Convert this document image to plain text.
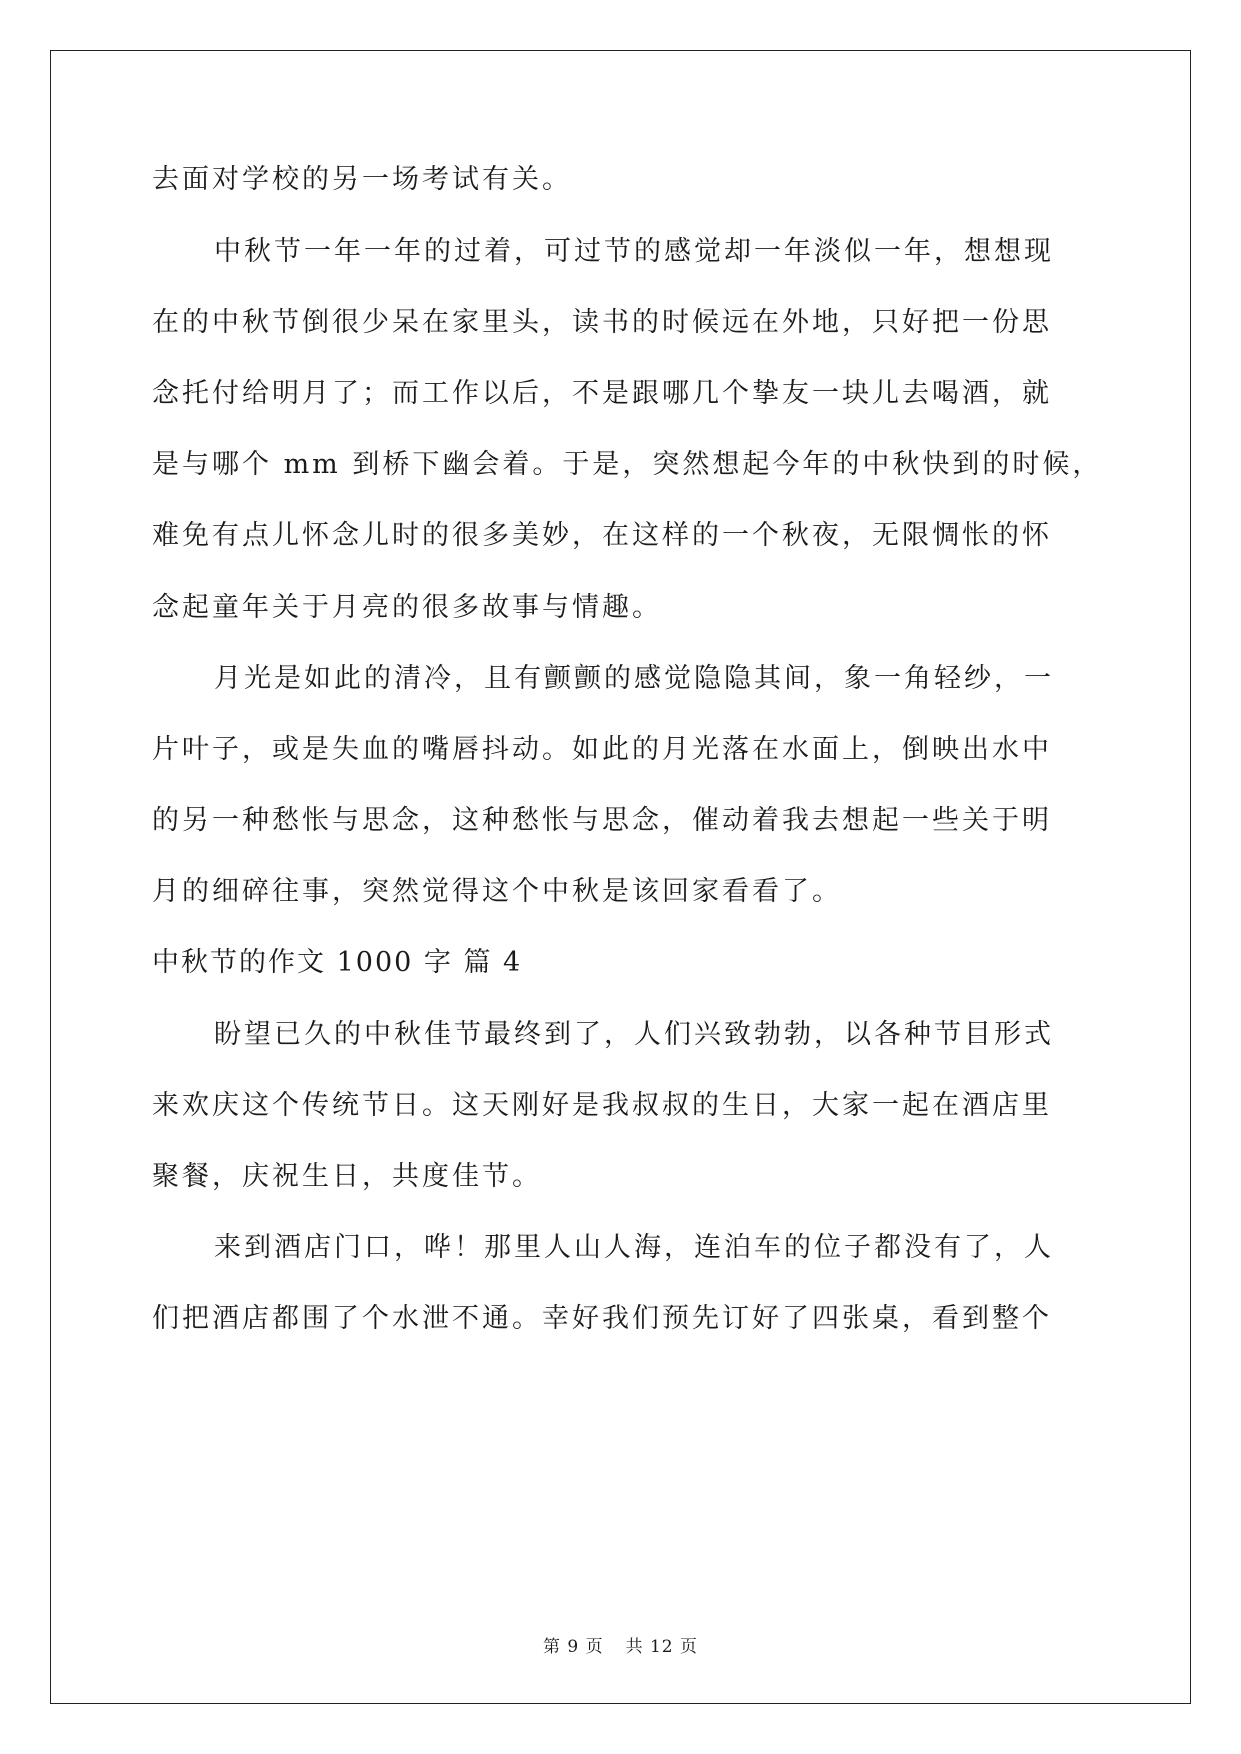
去面对学校的另一场考试有关。
中秋节一年一年的过着，可过节的感觉却一年淡似一年，想想现
在的中秋节倒很少呆在家里头，读书的时候远在外地，只好把一份思
念托付给明月了；而工作以后，不是跟哪几个挚友一块儿去喝酒，就
是与哪个 mm 到桥下幽会着。于是，突然想起今年的中秋快到的时候，
难免有点儿怀念儿时的很多美妙，在这样的一个秋夜，无限惆怅的怀
念起童年关于月亮的很多故事与情趣。
月光是如此的清冷，且有颤颤的感觉隐隐其间，象一角轻纱，一
片叶子，或是失血的嘴唇抖动。如此的月光落在水面上，倒映出水中
的另一种愁怅与思念，这种愁怅与思念，催动着我去想起一些关于明
月的细碎往事，突然觉得这个中秋是该回家看看了。
中秋节的作文 1000 字 篇 4
盼望已久的中秋佳节最终到了，人们兴致勃勃，以各种节目形式
来欢庆这个传统节日。这天刚好是我叔叔的生日，大家一起在酒店里
聚餐，庆祝生日，共度佳节。
来到酒店门口，哗！那里人山人海，连泊车的位子都没有了，人
们把酒店都围了个水泄不通。幸好我们预先订好了四张桌，看到整个
第 9 页 共 12 页
